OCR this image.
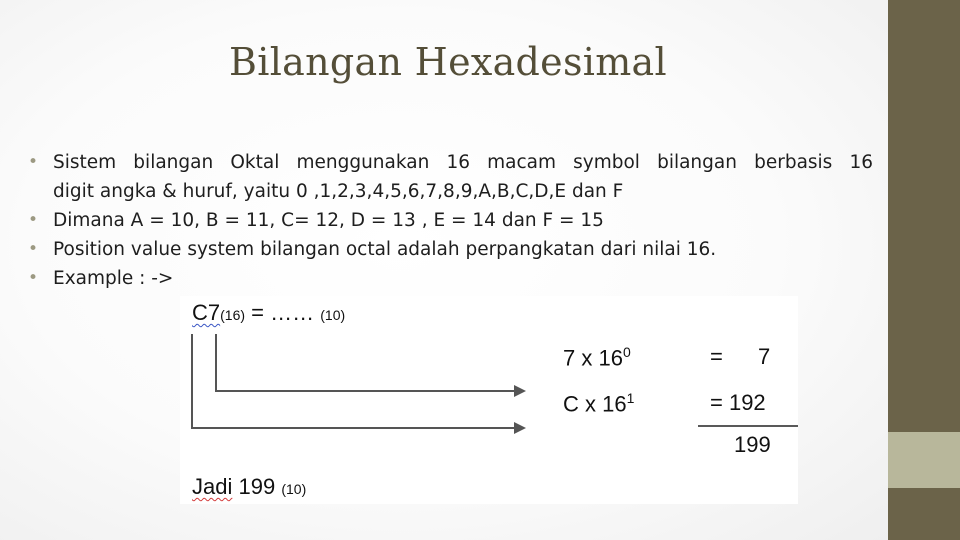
Bilangan Hexadesimal
• Sistem bilangan Oktal menggunakan 16 macam symbol bilangan berbasis 16
digit angka & huruf, yaitu 0 ,1,2,3,4,5,6,7,8,9,A,B,C,D,E dan F
• Dimana A = 10, B = 11, C= 12, D = 13 , E = 14 dan F = 15
• Position value system bilangan octal adalah perpangkatan dari nilai 16.
• Example : ->
C7(16) = …… (10)
7 x $16^0$	= 7
C x $16^1$	= 192
199
Jadi 199 (10)
